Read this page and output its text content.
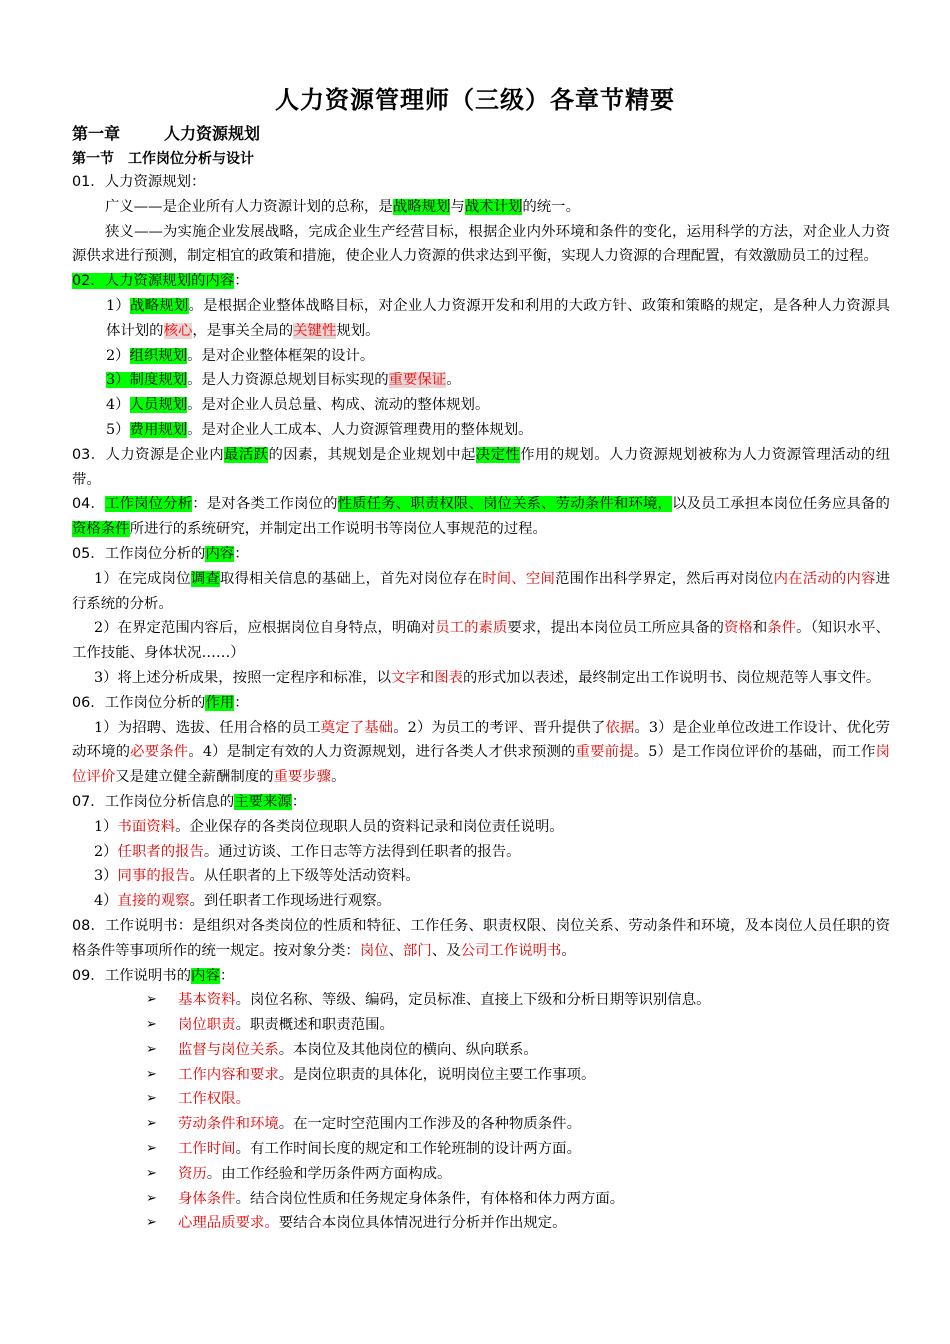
人力资源管理师（三级）各章节精要
第一章	人力资源规划
第一节 工作岗位分析与设计

01．人力资源规划：

广义——是企业所有人力资源计划的总称，是战略规划与战术计划的统一。

狭义——为实施企业发展战略，完成企业生产经营目标，根据企业内外环境和条件的变化，运用科学的方法，对企业人力资源供求进行预测，制定相宜的政策和措施，使企业人力资源的供求达到平衡，实现人力资源的合理配置，有效激励员工的过程。

02．人力资源规划的内容：

1）战略规划。是根据企业整体战略目标，对企业人力资源开发和利用的大政方针、政策和策略的规定，是各种人力资源具体计划的核心，是事关全局的关键性规划。

2）组织规划。是对企业整体框架的设计。

3）制度规划。是人力资源总规划目标实现的重要保证。

4）人员规划。是对企业人员总量、构成、流动的整体规划。

5）费用规划。是对企业人工成本、人力资源管理费用的整体规划。

03．人力资源是企业内最活跃的因素，其规划是企业规划中起决定性作用的规划。人力资源规划被称为人力资源管理活动的纽带。

04．工作岗位分析：是对各类工作岗位的性质任务、职责权限、岗位关系、劳动条件和环境，以及员工承担本岗位任务应具备的资格条件所进行的系统研究，并制定出工作说明书等岗位人事规范的过程。

05．工作岗位分析的内容：

1）在完成岗位调查取得相关信息的基础上，首先对岗位存在时间、空间范围作出科学界定，然后再对岗位内在活动的内容进行系统的分析。

2）在界定范围内容后，应根据岗位自身特点，明确对员工的素质要求，提出本岗位员工所应具备的资格和条件。（知识水平、工作技能、身体状况……）

3）将上述分析成果，按照一定程序和标准，以文字和图表的形式加以表述，最终制定出工作说明书、岗位规范等人事文件。

06．工作岗位分析的作用：

1）为招聘、选拔、任用合格的员工奠定了基础。2）为员工的考评、晋升提供了依据。3）是企业单位改进工作设计、优化劳动环境的必要条件。4）是制定有效的人力资源规划，进行各类人才供求预测的重要前提。5）是工作岗位评价的基础，而工作岗位评价又是建立健全薪酬制度的重要步骤。

07．工作岗位分析信息的主要来源：

1）书面资料。企业保存的各类岗位现职人员的资料记录和岗位责任说明。

2）任职者的报告。通过访谈、工作日志等方法得到任职者的报告。

3）同事的报告。从任职者的上下级等处活动资料。

4）直接的观察。到任职者工作现场进行观察。

08．工作说明书：是组织对各类岗位的性质和特征、工作任务、职责权限、岗位关系、劳动条件和环境，及本岗位人员任职的资格条件等事项所作的统一规定。按对象分类：岗位、部门、及公司工作说明书。

09．工作说明书的内容：

➢ 基本资料。岗位名称、等级、编码，定员标准、直接上下级和分析日期等识别信息。
➢ 岗位职责。职责概述和职责范围。
➢ 监督与岗位关系。本岗位及其他岗位的横向、纵向联系。
➢ 工作内容和要求。是岗位职责的具体化，说明岗位主要工作事项。
➢ 工作权限。
➢ 劳动条件和环境。在一定时空范围内工作涉及的各种物质条件。
➢ 工作时间。有工作时间长度的规定和工作轮班制的设计两方面。
➢ 资历。由工作经验和学历条件两方面构成。
➢ 身体条件。结合岗位性质和任务规定身体条件，有体格和体力两方面。
➢ 心理品质要求。要结合本岗位具体情况进行分析并作出规定。
